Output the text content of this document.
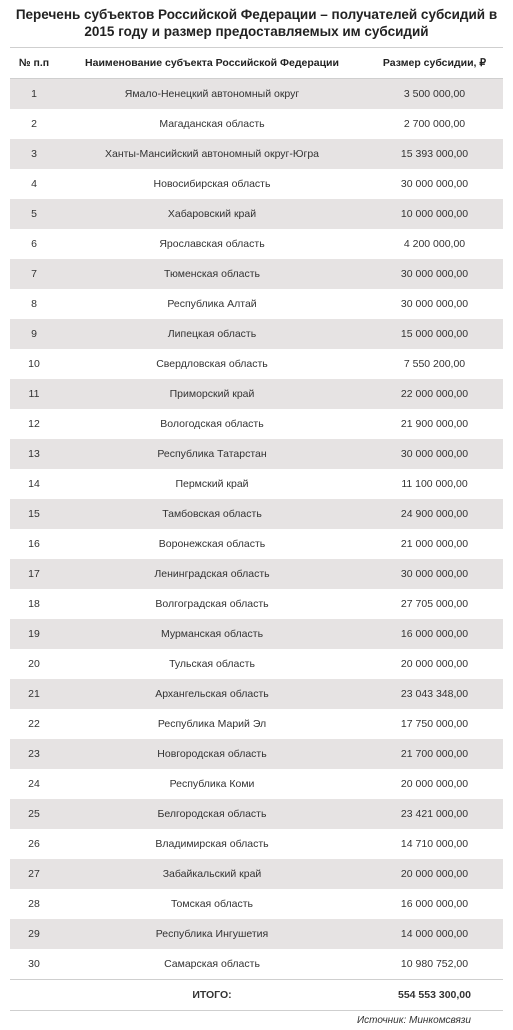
Перечень субъектов Российской Федерации – получателей субсидий в
2015 году и размер предоставляемых им субсидий
№ п.п	Наименование субъекта Российской Федерации	Размер субсидии, ₽
1	Ямало-Ненецкий автономный округ	3 500 000,00
2	Магаданская область	2 700 000,00
3	Ханты-Мансийский автономный округ-Югра	15 393 000,00
4	Новосибирская область	30 000 000,00
5	Хабаровский край	10 000 000,00
6	Ярославская область	4 200 000,00
7	Тюменская область	30 000 000,00
8	Республика Алтай	30 000 000,00
9	Липецкая область	15 000 000,00
10	Свердловская область	7 550 200,00
11	Приморский край	22 000 000,00
12	Вологодская область	21 900 000,00
13	Республика Татарстан	30 000 000,00
14	Пермский край	11 100 000,00
15	Тамбовская область	24 900 000,00
16	Воронежская область	21 000 000,00
17	Ленинградская область	30 000 000,00
18	Волгоградская область	27 705 000,00
19	Мурманская область	16 000 000,00
20	Тульская область	20 000 000,00
21	Архангельская область	23 043 348,00
22	Республика Марий Эл	17 750 000,00
23	Новгородская область	21 700 000,00
24	Республика Коми	20 000 000,00
25	Белгородская область	23 421 000,00
26	Владимирская область	14 710 000,00
27	Забайкальский край	20 000 000,00
28	Томская область	16 000 000,00
29	Республика Ингушетия	14 000 000,00
30	Самарская область	10 980 752,00
	ИТОГО:	554 553 300,00
Источник: Минкомсвязи
